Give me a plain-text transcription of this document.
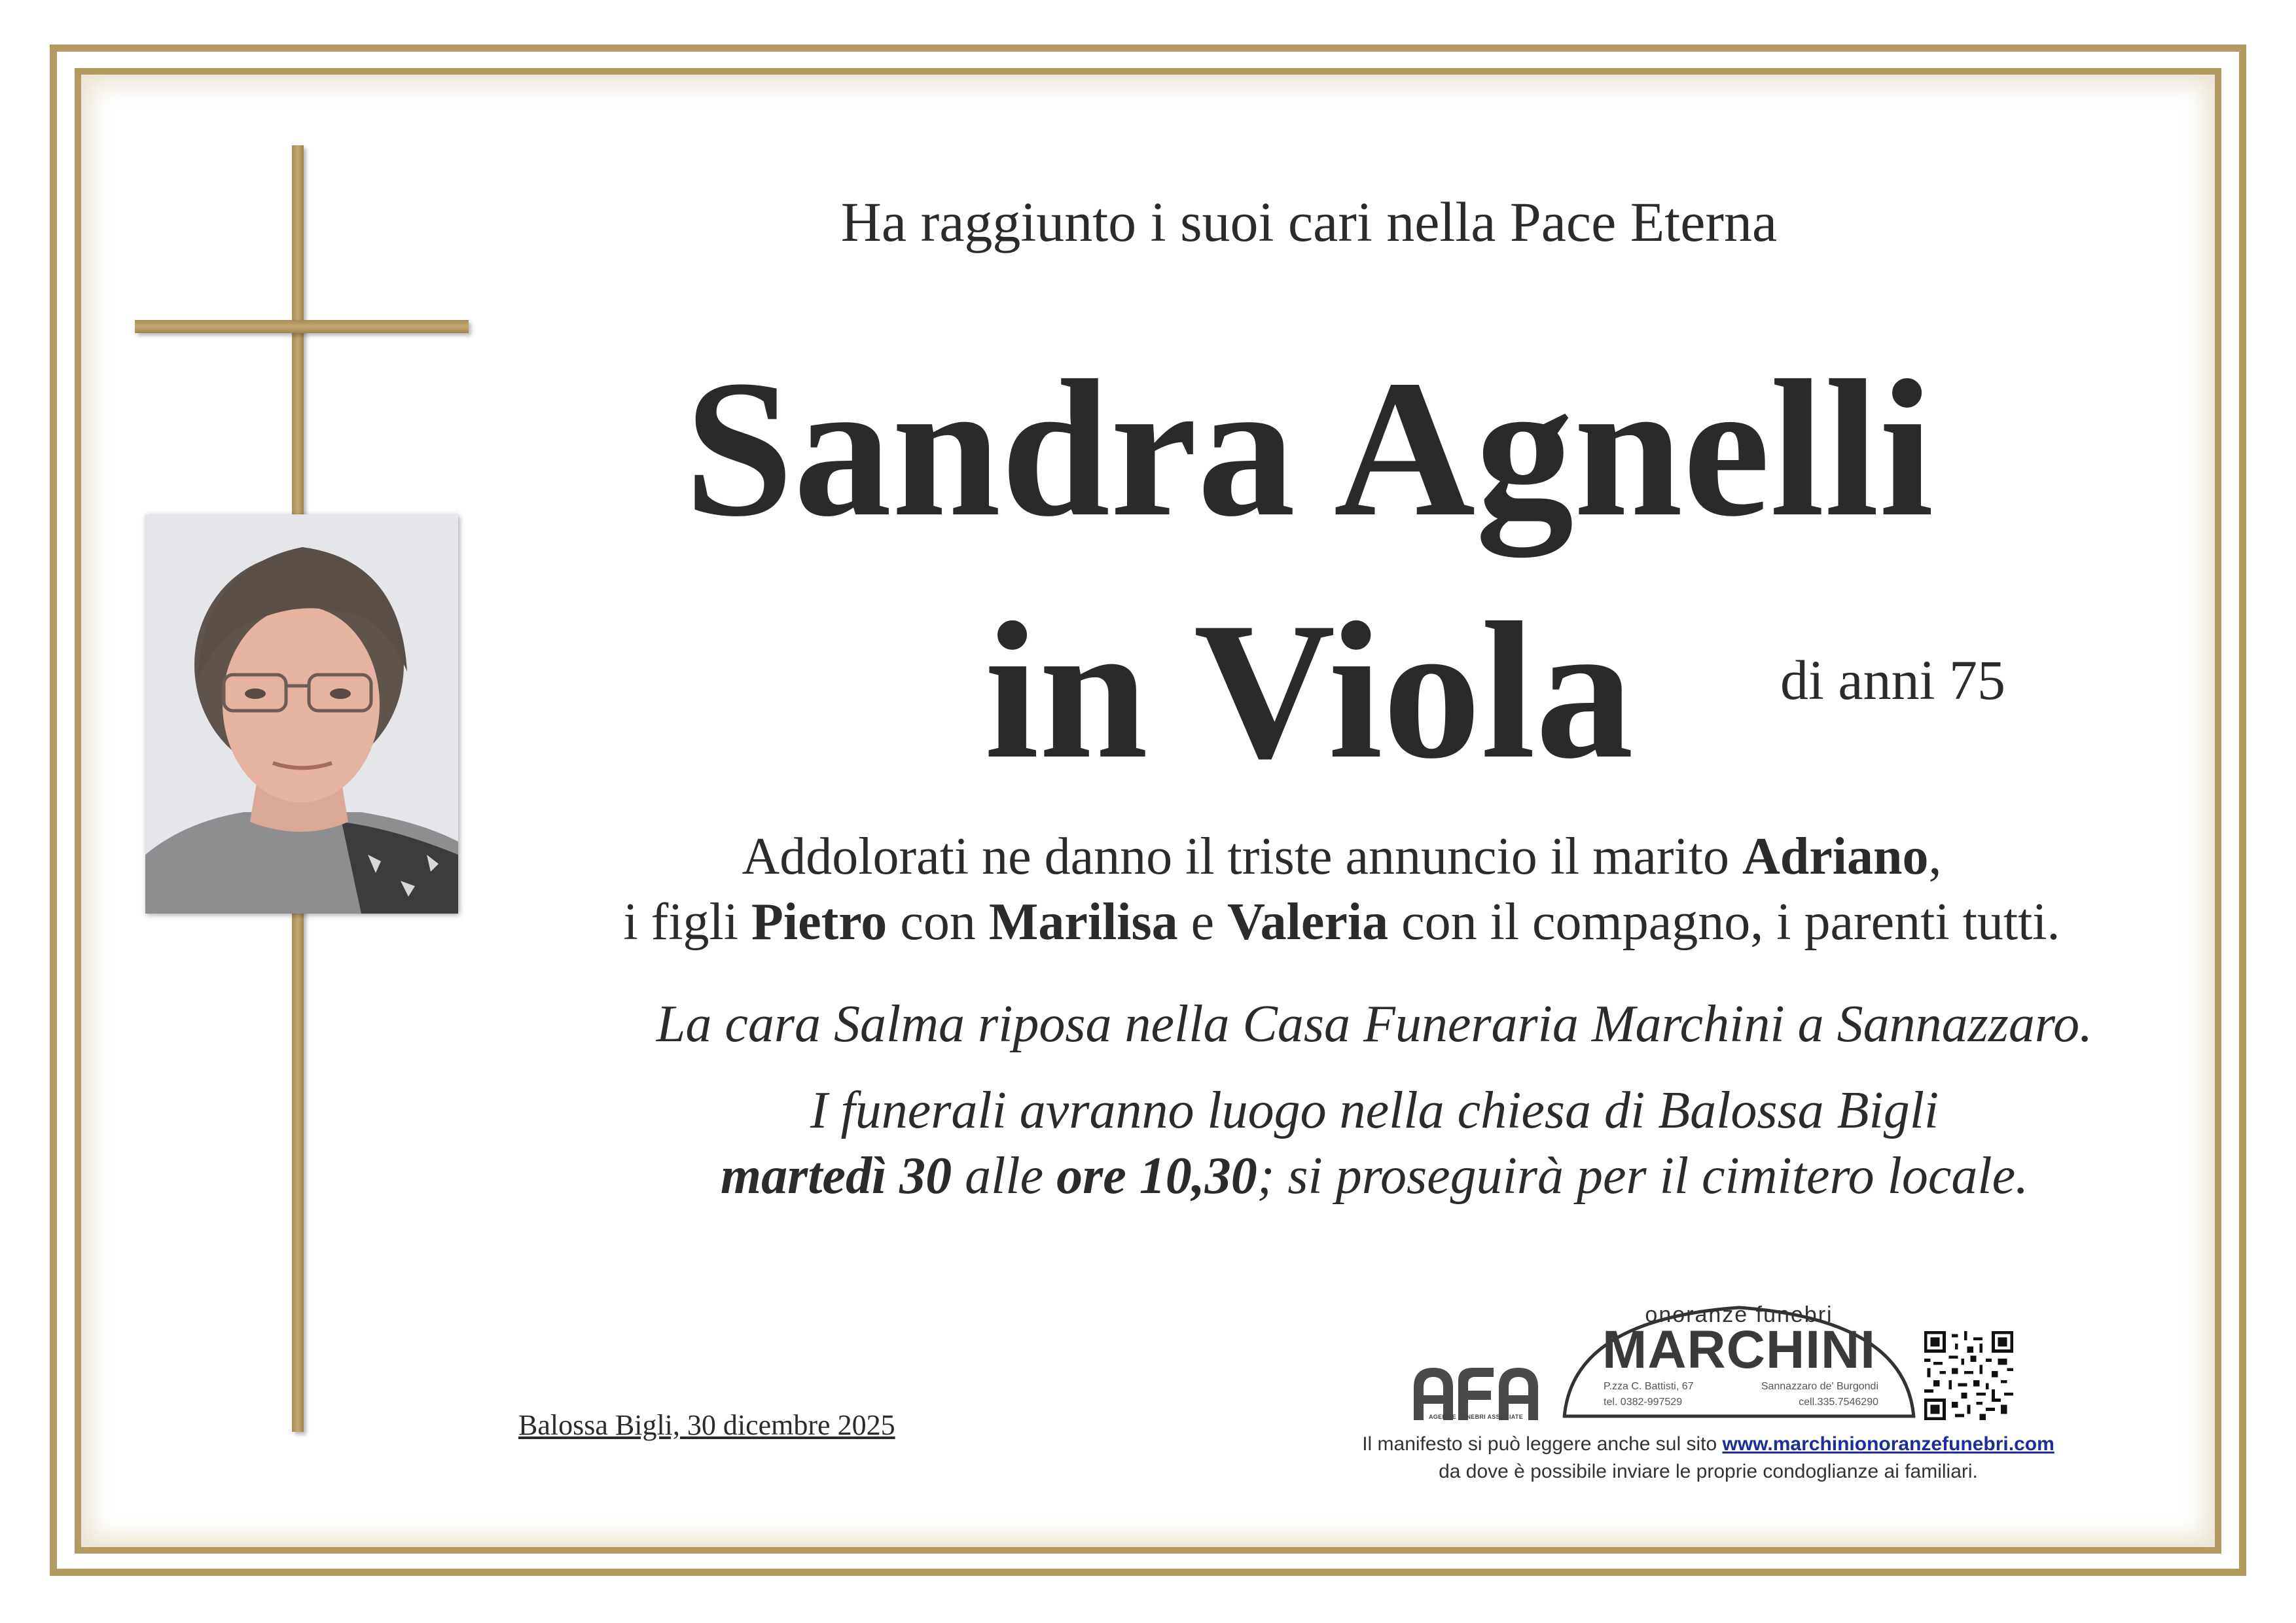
Ha raggiunto i suoi cari nella Pace Eterna
Sandra Agnelli
in Viola	di anni 75
Addolorati ne danno il triste annuncio il marito Adriano,
i figli Pietro con Marilisa e Valeria con il compagno, i parenti tutti.
La cara Salma riposa nella Casa Funeraria Marchini a Sannazzaro.
I funerali avranno luogo nella chiesa di Balossa Bigli
martedì 30 alle ore 10,30; si proseguirà per il cimitero locale.
Balossa Bigli, 30 dicembre 2025	AGENZIE FUNEBRI ASSOCIATE
onoranze funebri
MARCHINI
P.zza C. Battisti, 67	Sannazzaro de' Burgondi
tel. 0382-997529	cell.335.7546290
Il manifesto si può leggere anche sul sito www.marchinionoranzefunebri.com
da dove è possibile inviare le proprie condoglianze ai familiari.
